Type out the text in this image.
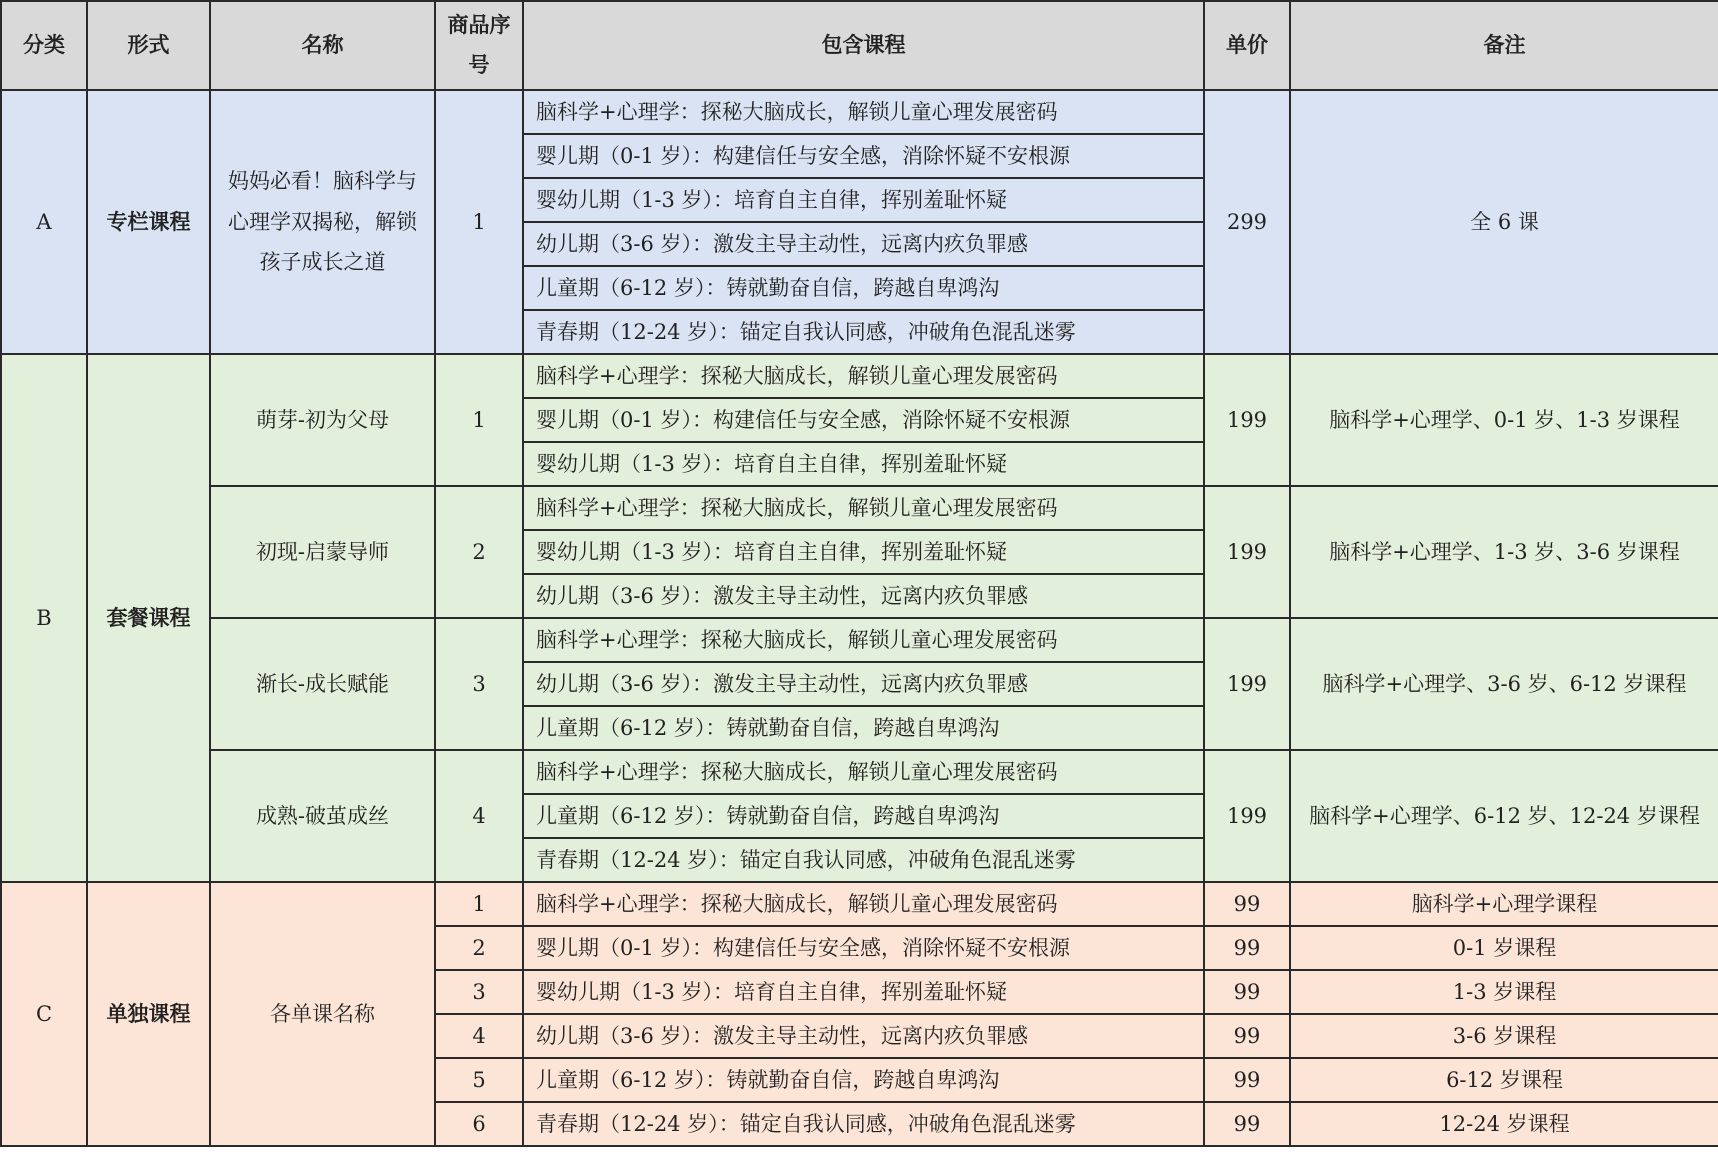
分类	形式	名称	商品序号	包含课程	单价	备注
A	专栏课程	妈妈必看！脑科学与心理学双揭秘，解锁孩子成长之道	1	脑科学+心理学：探秘大脑成长，解锁儿童心理发展密码	299	全 6 课
				婴儿期（0-1 岁）：构建信任与安全感，消除怀疑不安根源		
				婴幼儿期（1-3 岁）：培育自主自律，挥别羞耻怀疑		
				幼儿期（3-6 岁）：激发主导主动性，远离内疚负罪感		
				儿童期（6-12 岁）：铸就勤奋自信，跨越自卑鸿沟		
				青春期（12-24 岁）：锚定自我认同感，冲破角色混乱迷雾		
B	套餐课程	萌芽-初为父母	1	脑科学+心理学：探秘大脑成长，解锁儿童心理发展密码	199	脑科学+心理学、0-1 岁、1-3 岁课程
				婴儿期（0-1 岁）：构建信任与安全感，消除怀疑不安根源		
				婴幼儿期（1-3 岁）：培育自主自律，挥别羞耻怀疑		
		初现-启蒙导师	2	脑科学+心理学：探秘大脑成长，解锁儿童心理发展密码	199	脑科学+心理学、1-3 岁、3-6 岁课程
				婴幼儿期（1-3 岁）：培育自主自律，挥别羞耻怀疑		
				幼儿期（3-6 岁）：激发主导主动性，远离内疚负罪感		
		渐长-成长赋能	3	脑科学+心理学：探秘大脑成长，解锁儿童心理发展密码	199	脑科学+心理学、3-6 岁、6-12 岁课程
				幼儿期（3-6 岁）：激发主导主动性，远离内疚负罪感		
				儿童期（6-12 岁）：铸就勤奋自信，跨越自卑鸿沟		
		成熟-破茧成丝	4	脑科学+心理学：探秘大脑成长，解锁儿童心理发展密码	199	脑科学+心理学、6-12 岁、12-24 岁课程

				儿童期（6-12 岁）：铸就勤奋自信，跨越自卑鸿沟		
				青春期（12-24 岁）：锚定自我认同感，冲破角色混乱迷雾		
C	单独课程	各单课名称	1	脑科学+心理学：探秘大脑成长，解锁儿童心理发展密码	99	脑科学+心理学课程
			2	婴儿期（0-1 岁）：构建信任与安全感，消除怀疑不安根源	99	0-1 岁课程
			3	婴幼儿期（1-3 岁）：培育自主自律，挥别羞耻怀疑	99	1-3 岁课程
			4	幼儿期（3-6 岁）：激发主导主动性，远离内疚负罪感	99	3-6 岁课程
			5	儿童期（6-12 岁）：铸就勤奋自信，跨越自卑鸿沟	99	6-12 岁课程
			6	青春期（12-24 岁）：锚定自我认同感，冲破角色混乱迷雾	99	12-24 岁课程
